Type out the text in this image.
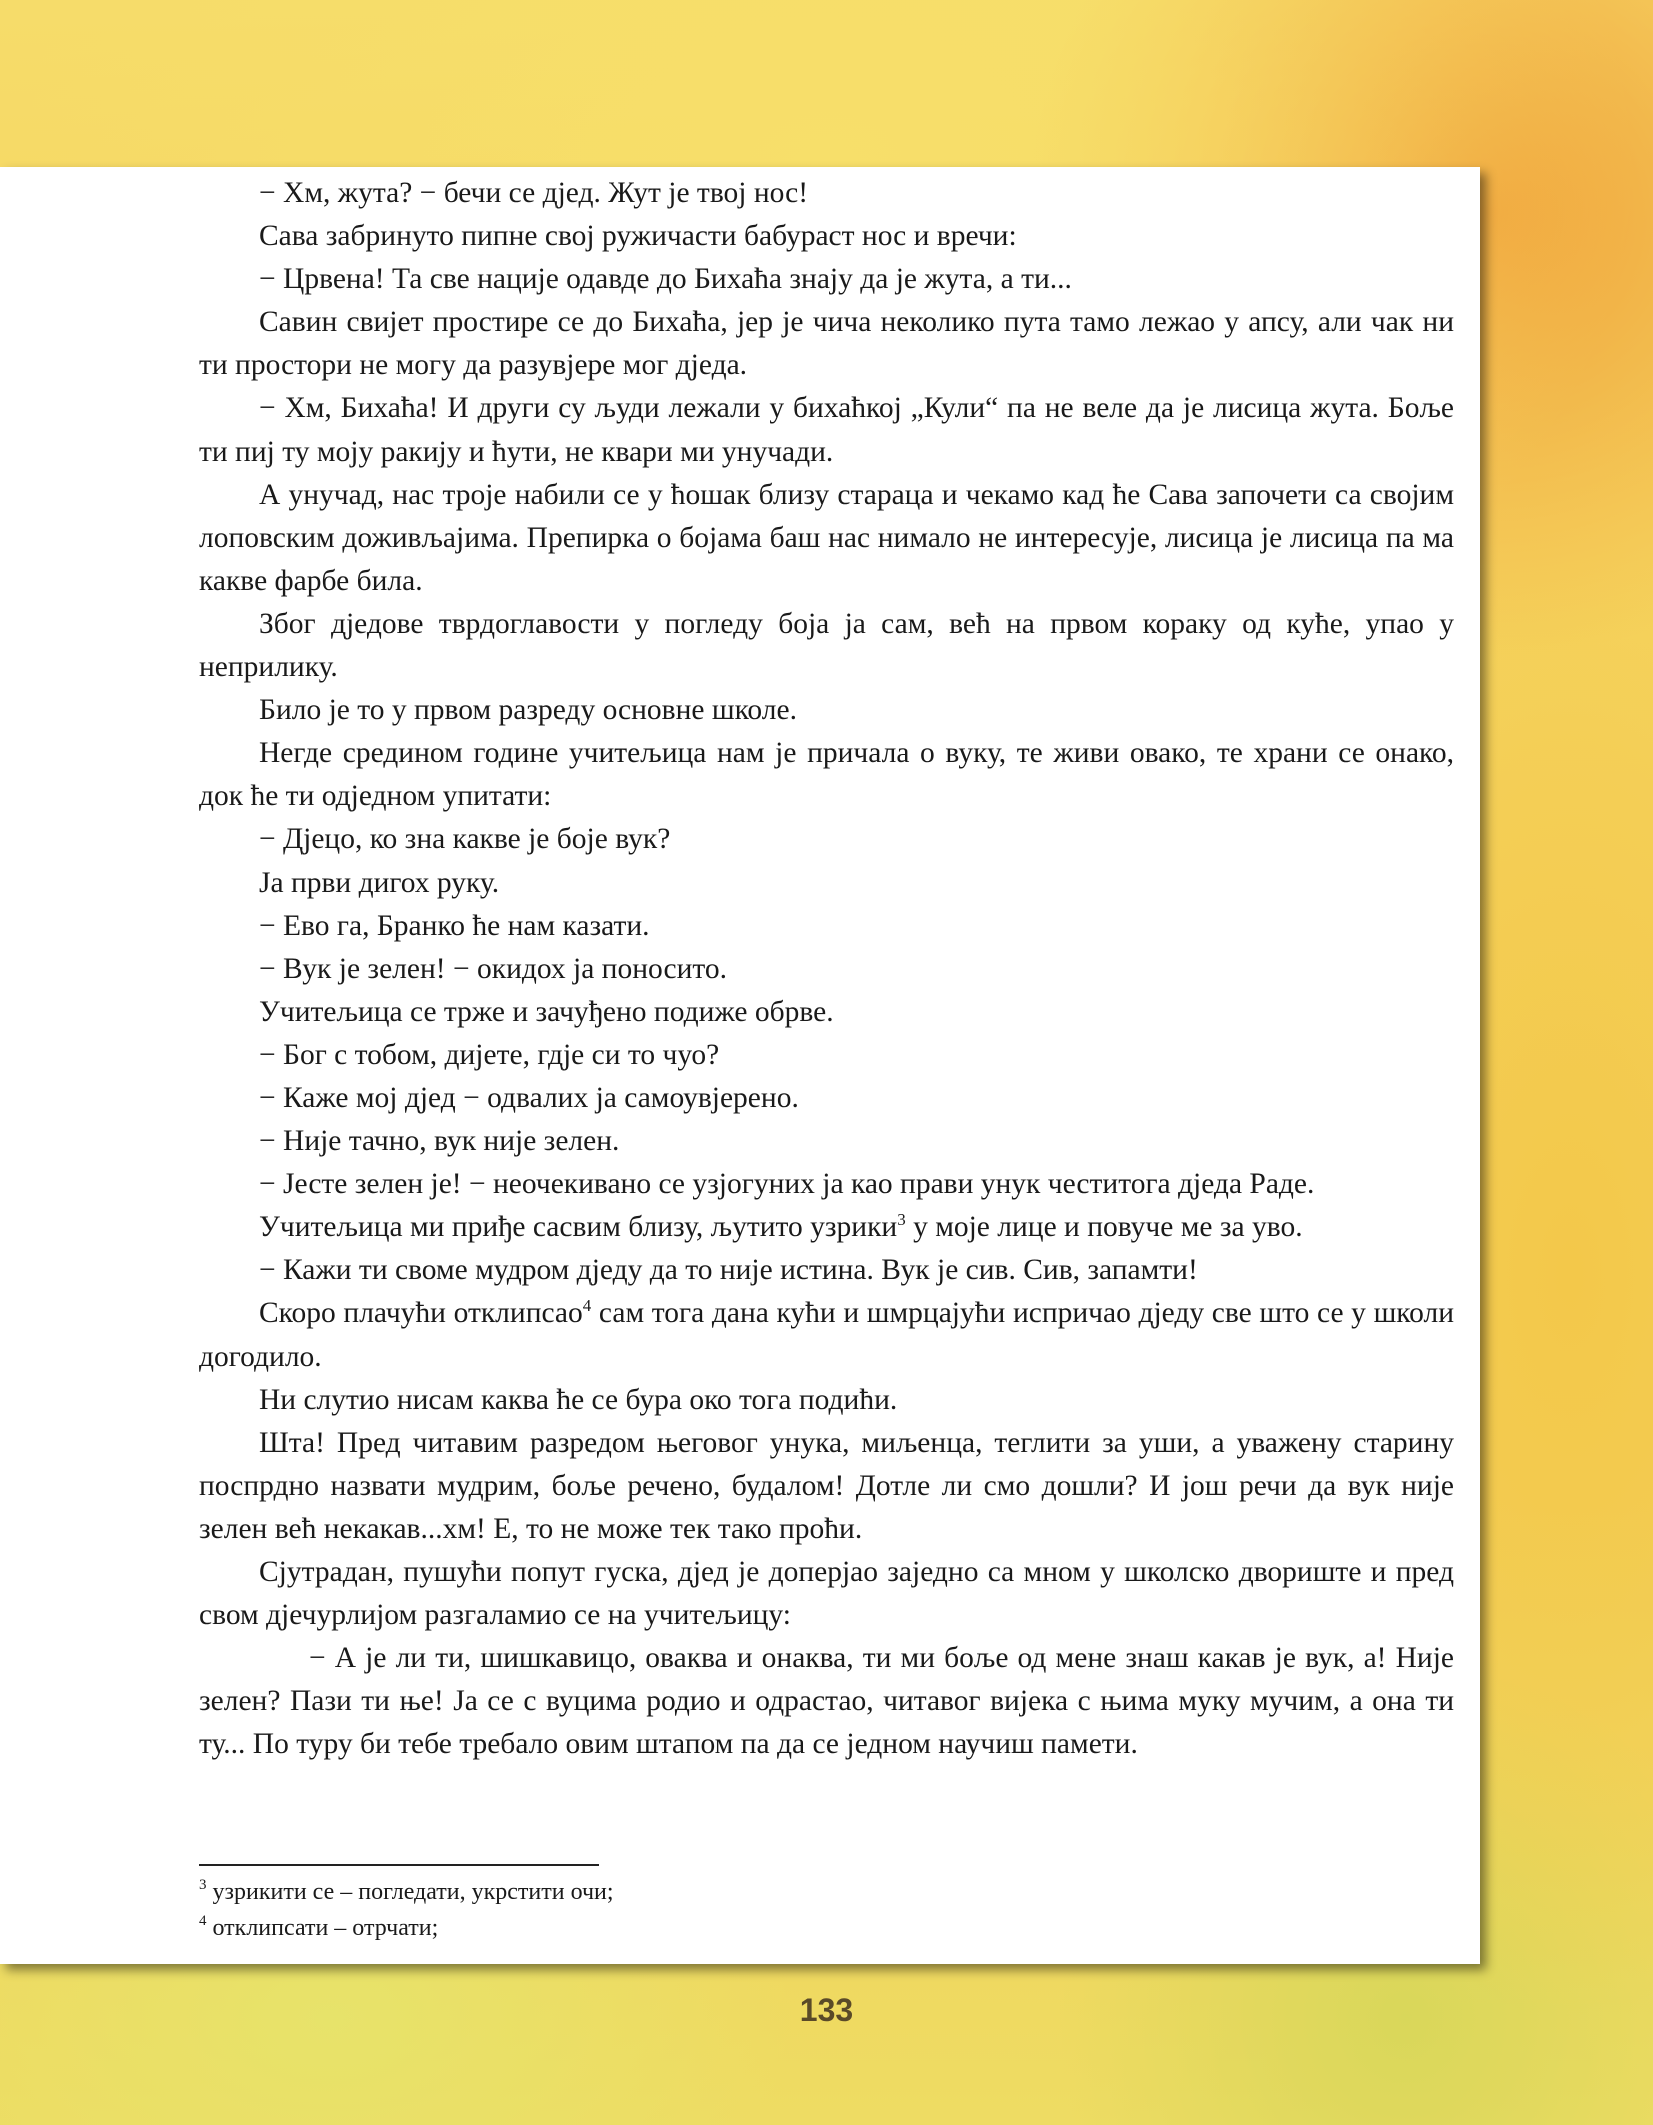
− Хм, жута? − бечи се дјед. Жут је твој нос!

Сава забринуто пипне свој ружичасти бабураст нос и вречи:

− Црвена! Та све нације одавде до Бихаћа знају да је жута, а ти...

Савин свијет простире се до Бихаћа, јер је чича неколико пута тамо лежао у апсу, али чак ни ти простори не могу да разувјере мог дједа.

− Хм, Бихаћа! И други су људи лежали у бихаћкој „Кули“ па не веле да је лисица жута. Боље ти пиј ту моју ракију и ћути, не квари ми унучади.

А унучад, нас троје набили се у ћошак близу стараца и чекамо кад ће Сава започети са својим лоповским доживљајима. Препирка о бојама баш нас нимало не интересује, лисица је лисица па ма какве фарбе била.

Због дједове тврдоглавости у погледу боја ја сам, већ на првом кораку од куће, упао у неприлику.

Било је то у првом разреду основне школе.

Негде средином године учитељица нам је причала о вуку, те живи овако, те храни се онако, док ће ти одједном упитати:

− Дјецо, ко зна какве је боје вук?

Ја први дигох руку.

− Ево га, Бранко ће нам казати.

− Вук је зелен! − окидох ја поносито.

Учитељица се трже и зачуђено подиже обрве.

− Бог с тобом, дијете, гдје си то чуо?

− Каже мој дјед − одвалих ја самоувјерено.

− Није тачно, вук није зелен.

− Јесте зелен је! − неочекивано се узјогуних ја као прави унук честитога дједа Раде.

Учитељица ми приђе сасвим близу, љутито узрики$^3$ у моје лице и повуче ме за уво.

− Кажи ти своме мудром дједу да то није истина. Вук је сив. Сив, запамти!

Скоро плачући отклипсао$^4$ сам тога дана кући и шмрцајући испричао дједу све што се у школи догодило.

Ни слутио нисам каква ће се бура око тога подићи.

Шта! Пред читавим разредом његовог унука, миљенца, теглити за уши, а уважену старину поспрдно назвати мудрим, боље речено, будалом! Дотле ли смо дошли? И још речи да вук није зелен већ некакав...хм! Е, то не може тек тако проћи.

Сјутрадан, пушући попут гуска, дјед је доперјао заједно са мном у школско двориште и пред свом дјечурлијом разгаламио се на учитељицу:

− А је ли ти, шишкавицо, оваква и онаква, ти ми боље од мене знаш какав је вук, а! Није зелен? Пази ти ње! Ја се с вуцима родио и одрастао, читавог вијека с њима муку мучим, а она ти ту... По туру би тебе требало овим штапом па да се једном научиш памети.

$^3$ узрикити се – погледати, укрстити очи;
$^4$ отклипсати – отрчати;
133
